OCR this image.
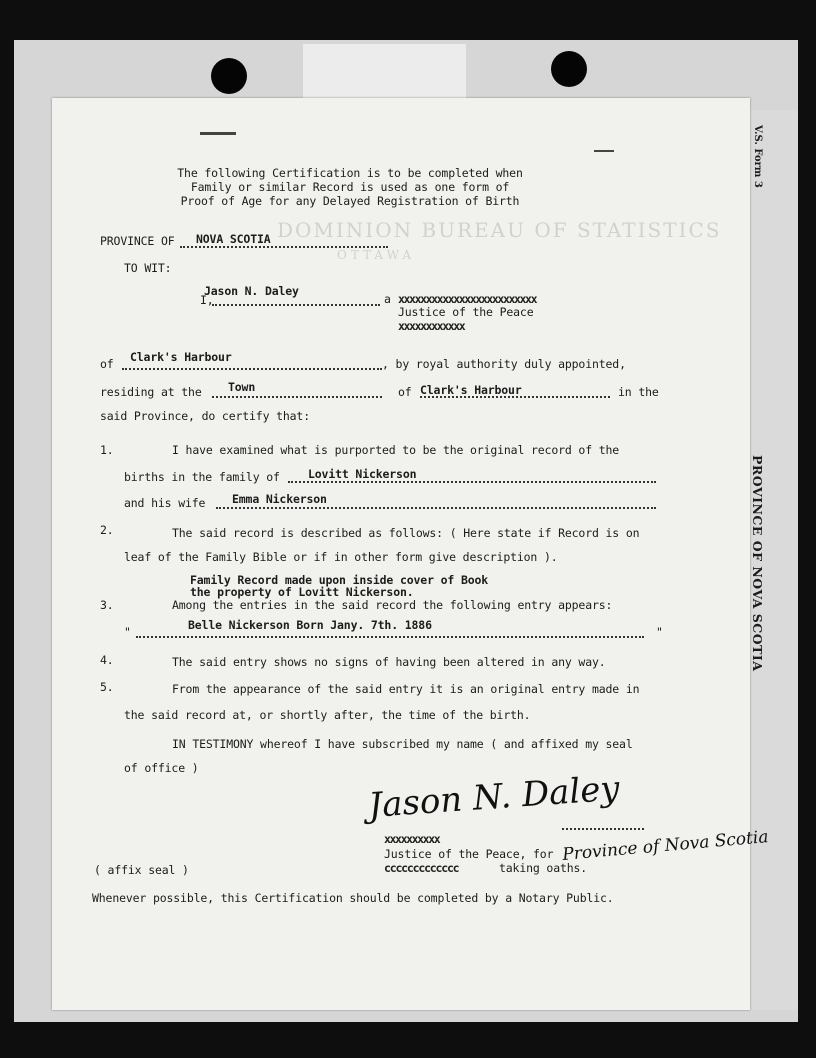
V.S. Form 3
PROVINCE OF NOVA SCOTIA
DOMINION BUREAU OF STATISTICS
OTTAWA
The following Certification is to be completed when
Family or similar Record is used as one form of
Proof of Age for any Delayed Registration of Birth
PROVINCE OF NOVA SCOTIA
TO WIT:
I,
Jason N. Daley
a xxxxxxxxxxxxxxxxxxxxxxxxx
Justice of the Peace
xxxxxxxxxxxx
of Clark's Harbour	, by royal authority duly appointed,
residing at the Town	of Clark's Harbour	in the
said Province, do certify that:
1.	I have examined what is purported to be the original record of the
births in the family of Lovitt Nickerson
and his wife Emma Nickerson
2.	The said record is described as follows: ( Here state if Record is on
leaf of the Family Bible or if in other form give description ).
Family Record made upon inside cover of Book
the property of Lovitt Nickerson.
3.	Among the entries in the said record the following entry appears:
"	Belle Nickerson Born Jany. 7th. 1886	"
4.	The said entry shows no signs of having been altered in any way.
5.	From the appearance of the said entry it is an original entry made in
the said record at, or shortly after, the time of the birth.
IN TESTIMONY whereof I have subscribed my name ( and affixed my seal
of office )
Jason N. Daley
xxxxxxxxxx
Justice of the Peace, for Province of Nova Scotia
ccccccccccccc	taking oaths.
( affix seal )
Whenever possible, this Certification should be completed by a Notary Public.
